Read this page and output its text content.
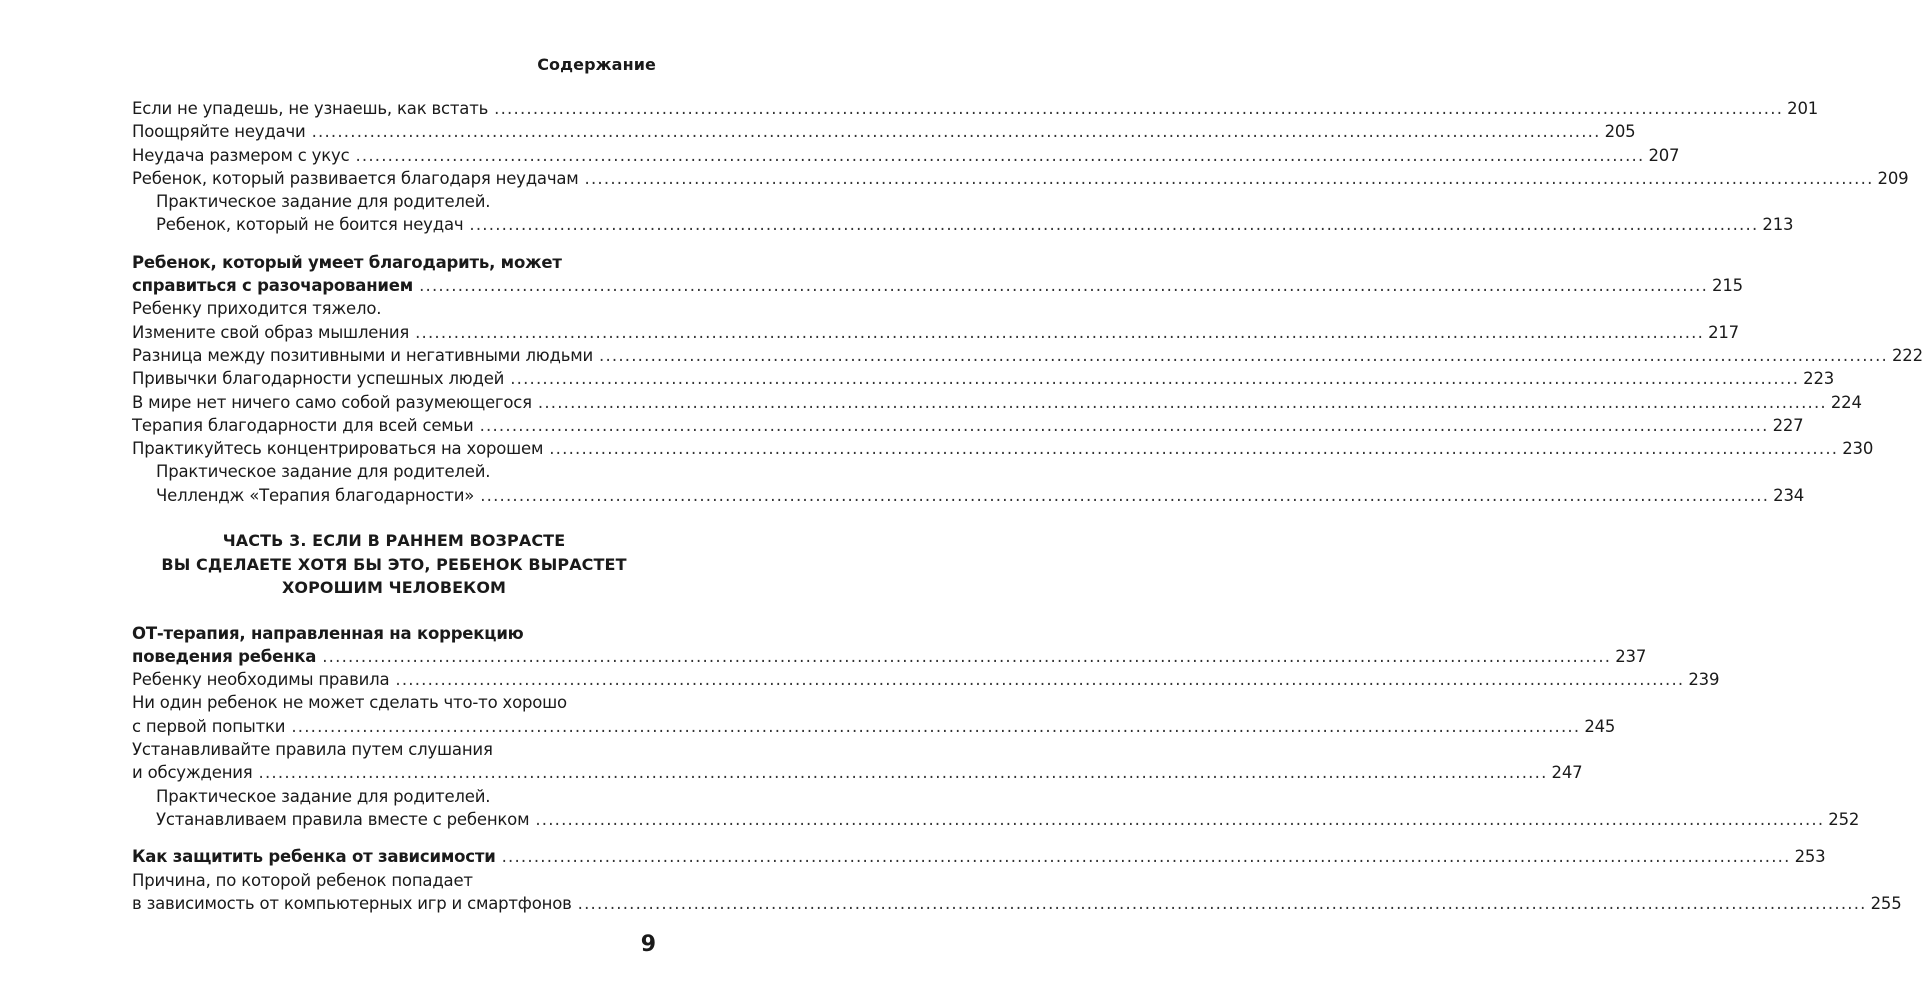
Содержание
Если не упадешь, не узнаешь, как встать ........................................................................................................................................................................................................ 201
Поощряйте неудачи ........................................................................................................................................................................................................ 205
Неудача размером с укус ........................................................................................................................................................................................................ 207
Ребенок, который развивается благодаря неудачам ........................................................................................................................................................................................................ 209
Практическое задание для родителей.
Ребенок, который не боится неудач ........................................................................................................................................................................................................ 213
Ребенок, который умеет благодарить, может
справиться с разочарованием ........................................................................................................................................................................................................ 215
Ребенку приходится тяжело.
Измените свой образ мышления ........................................................................................................................................................................................................ 217
Разница между позитивными и негативными людьми ........................................................................................................................................................................................................ 222
Привычки благодарности успешных людей ........................................................................................................................................................................................................ 223
В мире нет ничего само собой разумеющегося ........................................................................................................................................................................................................ 224
Терапия благодарности для всей семьи ........................................................................................................................................................................................................ 227
Практикуйтесь концентрироваться на хорошем ........................................................................................................................................................................................................ 230
Практическое задание для родителей.
Челлендж «Терапия благодарности» ........................................................................................................................................................................................................ 234
ЧАСТЬ 3. ЕСЛИ В РАННЕМ ВОЗРАСТЕ
ВЫ СДЕЛАЕТЕ ХОТЯ БЫ ЭТО, РЕБЕНОК ВЫРАСТЕТ
ХОРОШИМ ЧЕЛОВЕКОМ
ОТ-терапия, направленная на коррекцию
поведения ребенка ........................................................................................................................................................................................................ 237
Ребенку необходимы правила ........................................................................................................................................................................................................ 239
Ни один ребенок не может сделать что-то хорошо
с первой попытки ........................................................................................................................................................................................................ 245
Устанавливайте правила путем слушания
и обсуждения ........................................................................................................................................................................................................ 247
Практическое задание для родителей.
Устанавливаем правила вместе с ребенком ........................................................................................................................................................................................................ 252
Как защитить ребенка от зависимости ........................................................................................................................................................................................................ 253
Причина, по которой ребенок попадает
в зависимость от компьютерных игр и смартфонов ........................................................................................................................................................................................................ 255
9
